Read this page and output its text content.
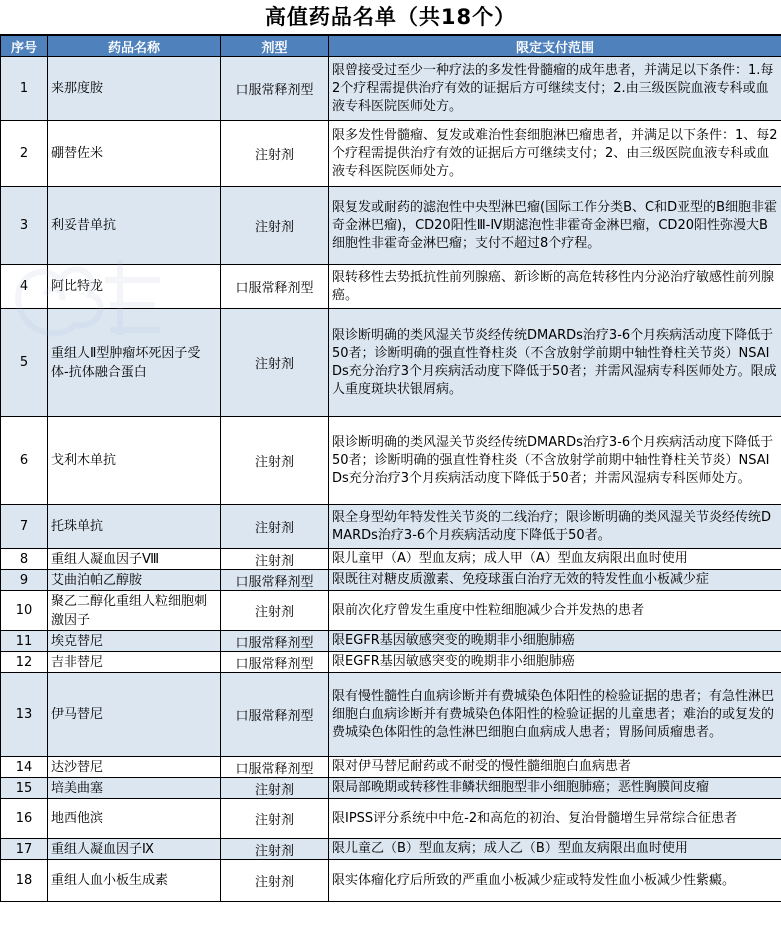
高值药品名单（共18个）
序号	药品名称	剂型	限定支付范围
1	来那度胺	口服常释剂型	限曾接受过至少一种疗法的多发性骨髓瘤的成年患者，并满足以下条件：1.每2个疗程需提供治疗有效的证据后方可继续支付；2.由三级医院血液专科或血液专科医院医师处方。
2	硼替佐米	注射剂	限多发性骨髓瘤、复发或难治性套细胞淋巴瘤患者，并满足以下条件：1、每2个疗程需提供治疗有效的证据后方可继续支付；2、由三级医院血液专科或血液专科医院医师处方。
3	利妥昔单抗	注射剂	限复发或耐药的滤泡性中央型淋巴瘤(国际工作分类B、C和D亚型的B细胞非霍奇金淋巴瘤)，CD20阳性Ⅲ-Ⅳ期滤泡性非霍奇金淋巴瘤，CD20阳性弥漫大B细胞性非霍奇金淋巴瘤；支付不超过8个疗程。
4	阿比特龙	口服常释剂型	限转移性去势抵抗性前列腺癌、新诊断的高危转移性内分泌治疗敏感性前列腺癌。
5	重组人Ⅱ型肿瘤坏死因子受体-抗体融合蛋白	注射剂	限诊断明确的类风湿关节炎经传统DMARDs治疗3-6个月疾病活动度下降低于50者；诊断明确的强直性脊柱炎（不含放射学前期中轴性脊柱关节炎）NSAIDs充分治疗3个月疾病活动度下降低于50者；并需风湿病专科医师处方。限成人重度斑块状银屑病。
6	戈利木单抗	注射剂	限诊断明确的类风湿关节炎经传统DMARDs治疗3-6个月疾病活动度下降低于50者；诊断明确的强直性脊柱炎（不含放射学前期中轴性脊柱关节炎）NSAIDs充分治疗3个月疾病活动度下降低于50者；并需风湿病专科医师处方。
7	托珠单抗	注射剂	限全身型幼年特发性关节炎的二线治疗；限诊断明确的类风湿关节炎经传统DMARDs治疗3-6个月疾病活动度下降低于50者。
8	重组人凝血因子Ⅷ	注射剂	限儿童甲（A）型血友病；成人甲（A）型血友病限出血时使用
9	艾曲泊帕乙醇胺	口服常释剂型	限既往对糖皮质激素、免疫球蛋白治疗无效的特发性血小板减少症
10	聚乙二醇化重组人粒细胞刺激因子	注射剂	限前次化疗曾发生重度中性粒细胞减少合并发热的患者
11	埃克替尼	口服常释剂型	限EGFR基因敏感突变的晚期非小细胞肺癌
12	吉非替尼	口服常释剂型	限EGFR基因敏感突变的晚期非小细胞肺癌
13	伊马替尼	口服常释剂型	限有慢性髓性白血病诊断并有费城染色体阳性的检验证据的患者；有急性淋巴细胞白血病诊断并有费城染色体阳性的检验证据的儿童患者；难治的或复发的费城染色体阳性的急性淋巴细胞白血病成人患者；胃肠间质瘤患者。
14	达沙替尼	口服常释剂型	限对伊马替尼耐药或不耐受的慢性髓细胞白血病患者
15	培美曲塞	注射剂	限局部晚期或转移性非鳞状细胞型非小细胞肺癌；恶性胸膜间皮瘤
16	地西他滨	注射剂	限IPSS评分系统中中危-2和高危的初治、复治骨髓增生异常综合征患者
17	重组人凝血因子Ⅸ	注射剂	限儿童乙（B）型血友病；成人乙（B）型血友病限出血时使用
18	重组人血小板生成素	注射剂	限实体瘤化疗后所致的严重血小板减少症或特发性血小板减少性紫癜。
